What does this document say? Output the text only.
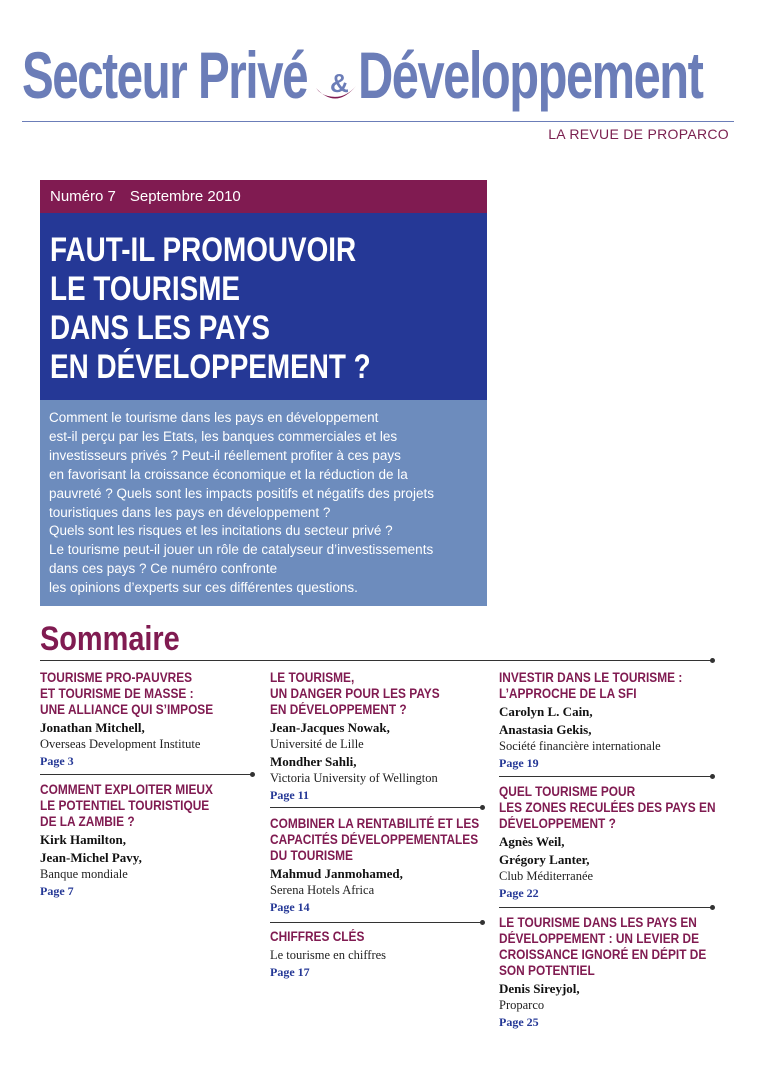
Secteur Privé & Développement
LA REVUE DE PROPARCO
Numéro 7 Septembre 2010
FAUT-IL PROMOUVOIR
LE TOURISME
DANS LES PAYS
EN DÉVELOPPEMENT ?
Comment le tourisme dans les pays en développement
est-il perçu par les Etats, les banques commerciales et les
investisseurs privés ? Peut-il réellement profiter à ces pays
en favorisant la croissance économique et la réduction de la
pauvreté ? Quels sont les impacts positifs et négatifs des projets
touristiques dans les pays en développement ?
Quels sont les risques et les incitations du secteur privé ?
Le tourisme peut-il jouer un rôle de catalyseur d’investissements
dans ces pays ? Ce numéro confronte
les opinions d’experts sur ces différentes questions.
Sommaire
TOURISME PRO-PAUVRES
ET TOURISME DE MASSE :
UNE ALLIANCE QUI S’IMPOSE
Jonathan Mitchell,
Overseas Development Institute
Page 3
COMMENT EXPLOITER MIEUX
LE POTENTIEL TOURISTIQUE
DE LA ZAMBIE ?
Kirk Hamilton,
Jean-Michel Pavy,
Banque mondiale
Page 7
LE TOURISME,
UN DANGER POUR LES PAYS
EN DÉVELOPPEMENT ?
Jean-Jacques Nowak,
Université de Lille
Mondher Sahli,
Victoria University of Wellington
Page 11
COMBINER LA RENTABILITÉ ET LES
CAPACITÉS DÉVELOPPEMENTALES
DU TOURISME
Mahmud Janmohamed,
Serena Hotels Africa
Page 14
CHIFFRES CLÉS
Le tourisme en chiffres
Page 17
INVESTIR DANS LE TOURISME :
L’APPROCHE DE LA SFI
Carolyn L. Cain,
Anastasia Gekis,
Société financière internationale
Page 19
QUEL TOURISME POUR
LES ZONES RECULÉES DES PAYS EN
DÉVELOPPEMENT ?
Agnès Weil,
Grégory Lanter,
Club Méditerranée
Page 22
LE TOURISME DANS LES PAYS EN
DÉVELOPPEMENT : UN LEVIER DE
CROISSANCE IGNORÉ EN DÉPIT DE
SON POTENTIEL
Denis Sireyjol,
Proparco
Page 25
